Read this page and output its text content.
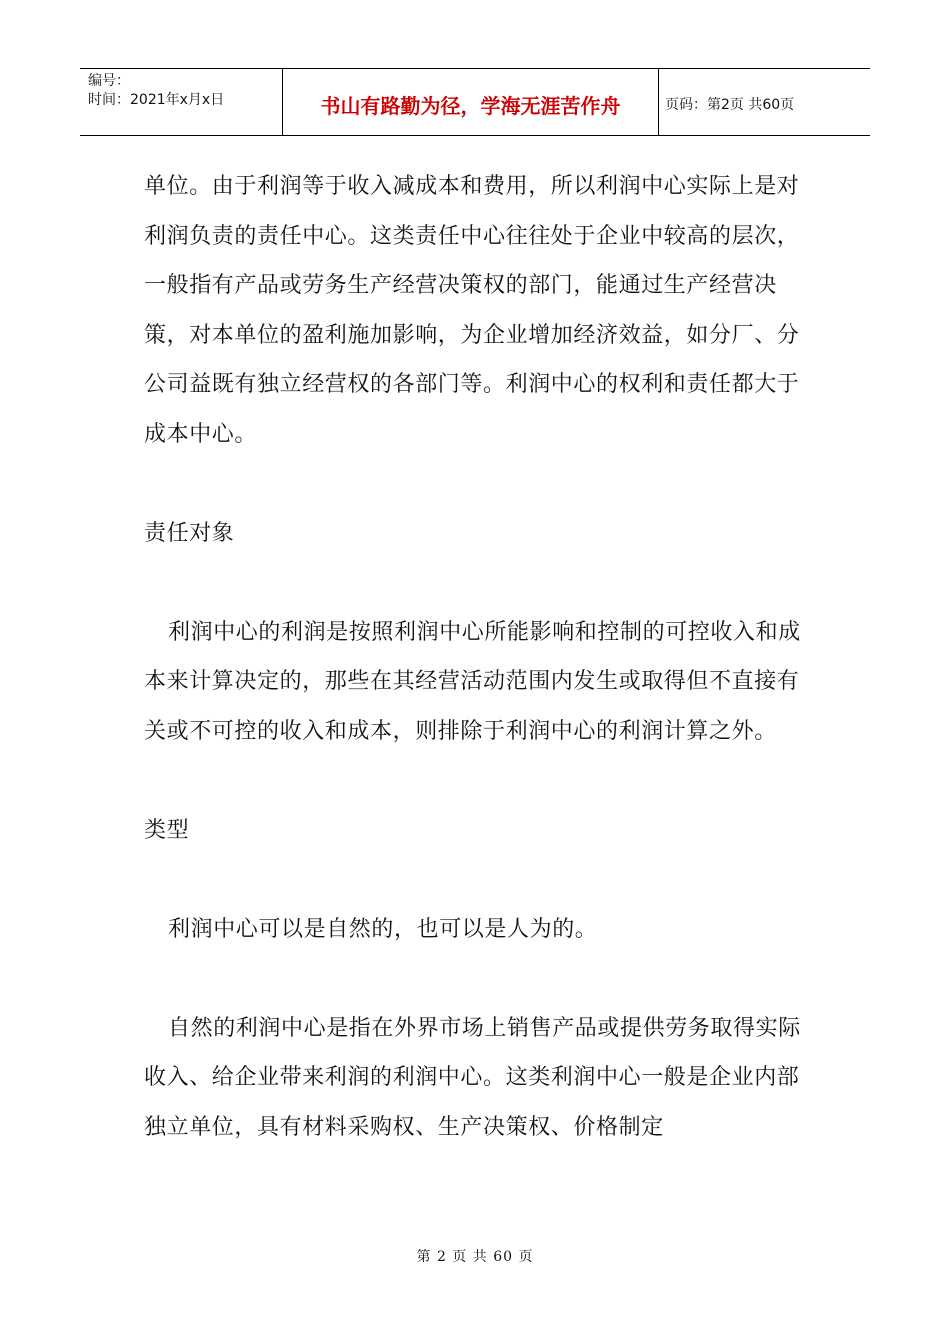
编号：
时间：2021年x月x日	书山有路勤为径，学海无涯苦作舟	页码：第2页 共60页

单位。由于利润等于收入减成本和费用，所以利润中心实际上是对利润负责的责任中心。这类责任中心往往处于企业中较高的层次，一般指有产品或劳务生产经营决策权的部门，能通过生产经营决策，对本单位的盈利施加影响，为企业增加经济效益，如分厂、分公司益既有独立经营权的各部门等。利润中心的权利和责任都大于成本中心。

责任对象

利润中心的利润是按照利润中心所能影响和控制的可控收入和成本来计算决定的，那些在其经营活动范围内发生或取得但不直接有关或不可控的收入和成本，则排除于利润中心的利润计算之外。

类型

利润中心可以是自然的，也可以是人为的。

自然的利润中心是指在外界市场上销售产品或提供劳务取得实际收入、给企业带来利润的利润中心。这类利润中心一般是企业内部独立单位，具有材料采购权、生产决策权、价格制定

第 2 页 共 60 页
